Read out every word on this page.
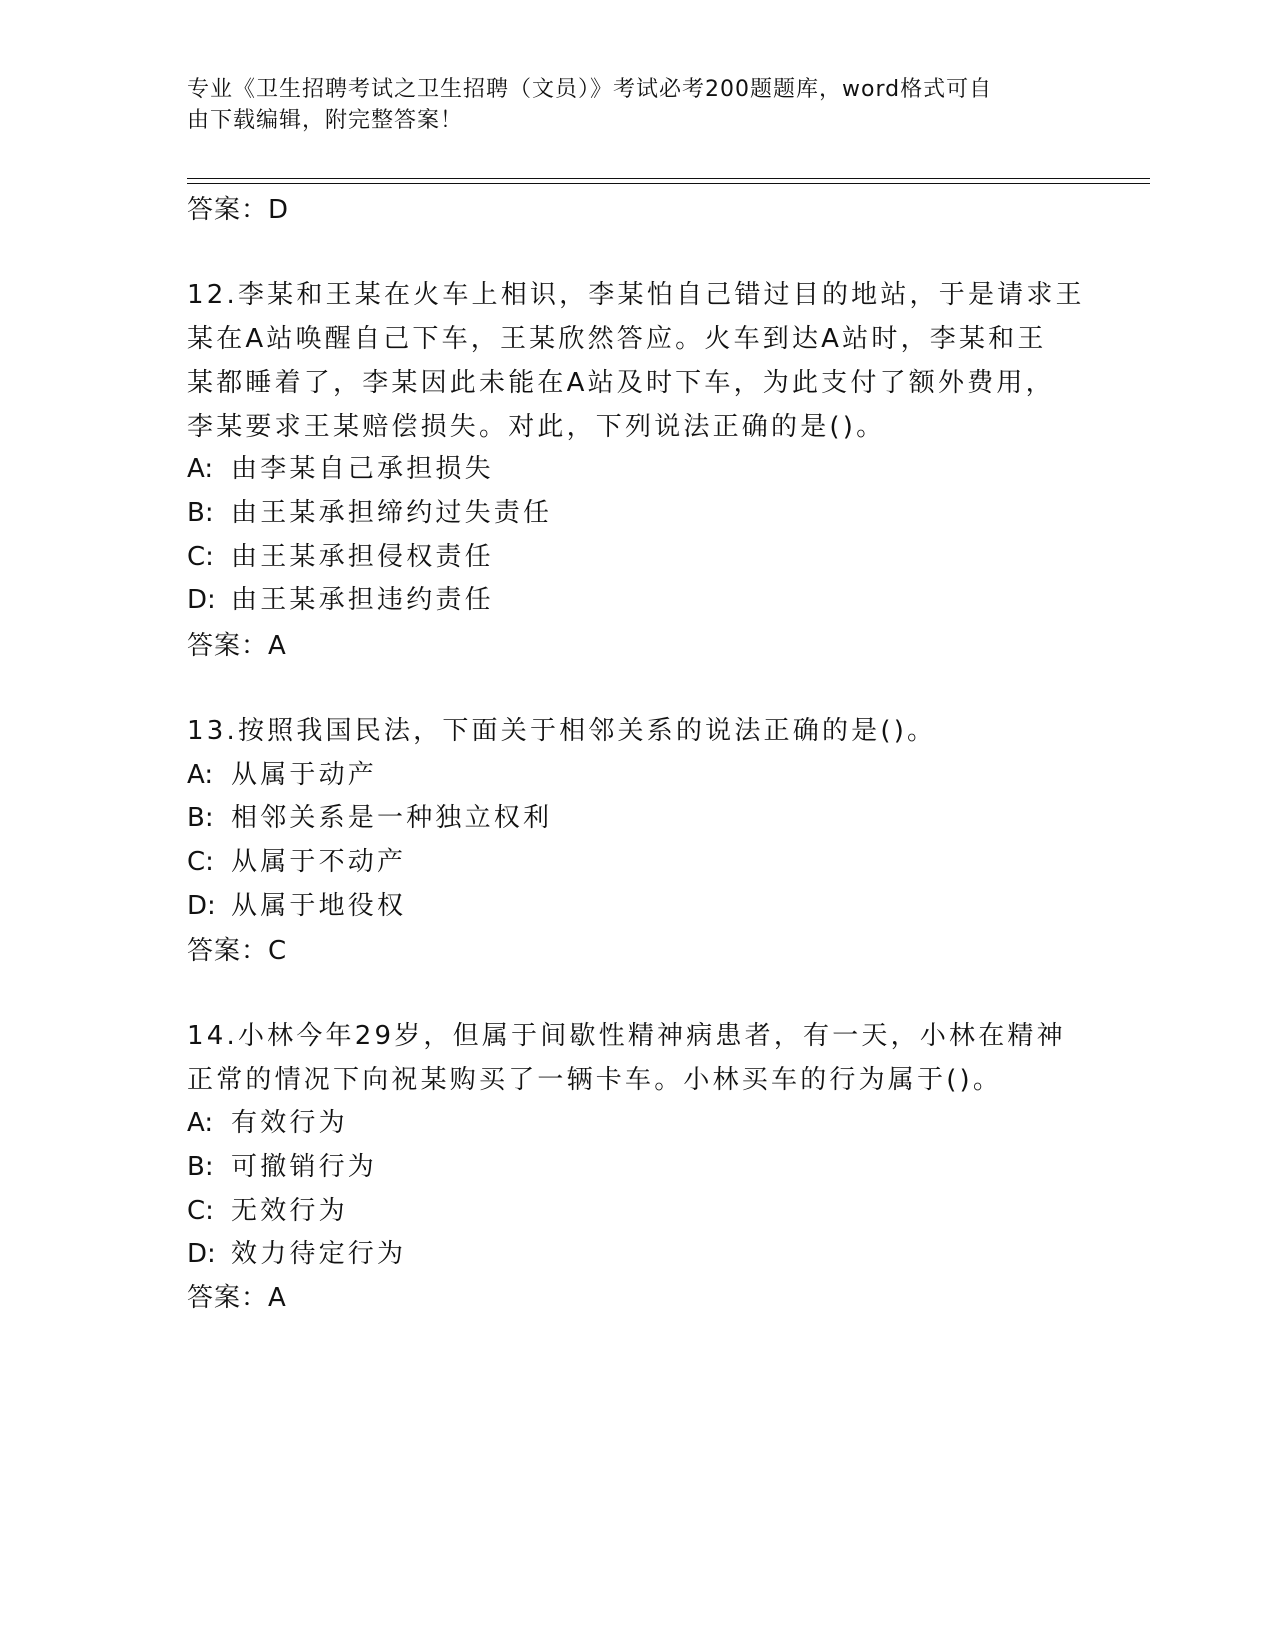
专业《卫生招聘考试之卫生招聘（文员）》考试必考200题题库，word格式可自
由下载编辑，附完整答案！
答案：D
12.李某和王某在火车上相识，李某怕自己错过目的地站，于是请求王
某在A站唤醒自己下车，王某欣然答应。火车到达A站时，李某和王
某都睡着了，李某因此未能在A站及时下车，为此支付了额外费用，
李某要求王某赔偿损失。对此，下列说法正确的是()。
A: 由李某自己承担损失
B: 由王某承担缔约过失责任
C: 由王某承担侵权责任
D: 由王某承担违约责任
答案：A
13.按照我国民法，下面关于相邻关系的说法正确的是()。
A: 从属于动产
B: 相邻关系是一种独立权利
C: 从属于不动产
D: 从属于地役权
答案：C
14.小林今年29岁，但属于间歇性精神病患者，有一天，小林在精神
正常的情况下向祝某购买了一辆卡车。小林买车的行为属于()。
A: 有效行为
B: 可撤销行为
C: 无效行为
D: 效力待定行为
答案：A
